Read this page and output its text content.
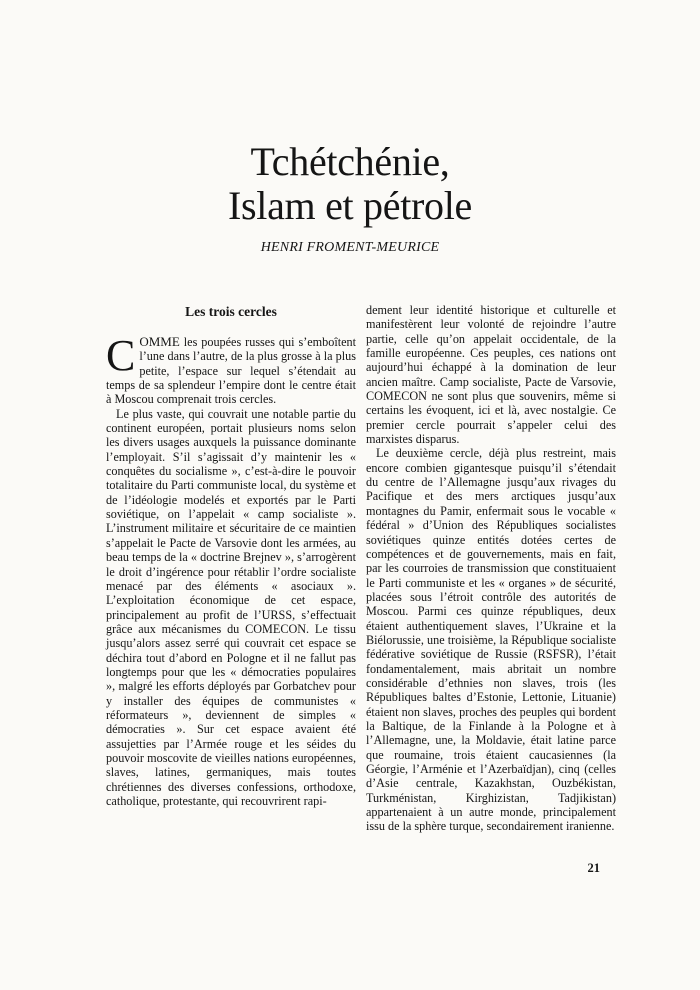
Tchétchénie,
Islam et pétrole
HENRI FROMENT-MEURICE
Les trois cercles

COMME les poupées russes qui s’emboîtent l’une dans l’autre, de la plus grosse à la plus petite, l’espace sur lequel s’étendait au temps de sa splendeur l’empire dont le centre était à Moscou comprenait trois cercles.

Le plus vaste, qui couvrait une notable partie du continent européen, portait plusieurs noms selon les divers usages auxquels la puissance dominante l’employait. S’il s’agissait d’y maintenir les « conquêtes du socialisme », c’est-à-dire le pouvoir totalitaire du Parti communiste local, du système et de l’idéologie modelés et exportés par le Parti soviétique, on l’appelait « camp socialiste ». L’instrument militaire et sécuritaire de ce maintien s’appelait le Pacte de Varsovie dont les armées, au beau temps de la « doctrine Brejnev », s’arrogèrent le droit d’ingérence pour rétablir l’ordre socialiste menacé par des éléments « asociaux ». L’exploitation économique de cet espace, principalement au profit de l’URSS, s’effectuait grâce aux mécanismes du COMECON. Le tissu jusqu’alors assez serré qui couvrait cet espace se déchira tout d’abord en Pologne et il ne fallut pas longtemps pour que les « démocraties populaires », malgré les efforts déployés par Gorbatchev pour y installer des équipes de communistes « réformateurs », deviennent de simples « démocraties ». Sur cet espace avaient été assujetties par l’Armée rouge et les séides du pouvoir moscovite de vieilles nations européennes, slaves, latines, germaniques, mais toutes chrétiennes des diverses confessions, orthodoxe, catholique, protestante, qui recouvrirent rapi-

dement leur identité historique et culturelle et manifestèrent leur volonté de rejoindre l’autre partie, celle qu’on appelait occidentale, de la famille européenne. Ces peuples, ces nations ont aujourd’hui échappé à la domination de leur ancien maître. Camp socialiste, Pacte de Varsovie, COMECON ne sont plus que souvenirs, même si certains les évoquent, ici et là, avec nostalgie. Ce premier cercle pourrait s’appeler celui des marxistes disparus.

Le deuxième cercle, déjà plus restreint, mais encore combien gigantesque puisqu’il s’étendait du centre de l’Allemagne jusqu’aux rivages du Pacifique et des mers arctiques jusqu’aux montagnes du Pamir, enfermait sous le vocable « fédéral » d’Union des Républiques socialistes soviétiques quinze entités dotées certes de compétences et de gouvernements, mais en fait, par les courroies de transmission que constituaient le Parti communiste et les « organes » de sécurité, placées sous l’étroit contrôle des autorités de Moscou. Parmi ces quinze républiques, deux étaient authentiquement slaves, l’Ukraine et la Biélorussie, une troisième, la République socialiste fédérative soviétique de Russie (RSFSR), l’était fondamentalement, mais abritait un nombre considérable d’ethnies non slaves, trois (les Républiques baltes d’Estonie, Lettonie, Lituanie) étaient non slaves, proches des peuples qui bordent la Baltique, de la Finlande à la Pologne et à l’Allemagne, une, la Moldavie, était latine parce que roumaine, trois étaient caucasiennes (la Géorgie, l’Arménie et l’Azerbaïdjan), cinq (celles d’Asie centrale, Kazakhstan, Ouzbékistan, Turkménistan, Kirghizistan, Tadjikistan) appartenaient à un autre monde, principalement issu de la sphère turque, secondairement iranienne.

21
